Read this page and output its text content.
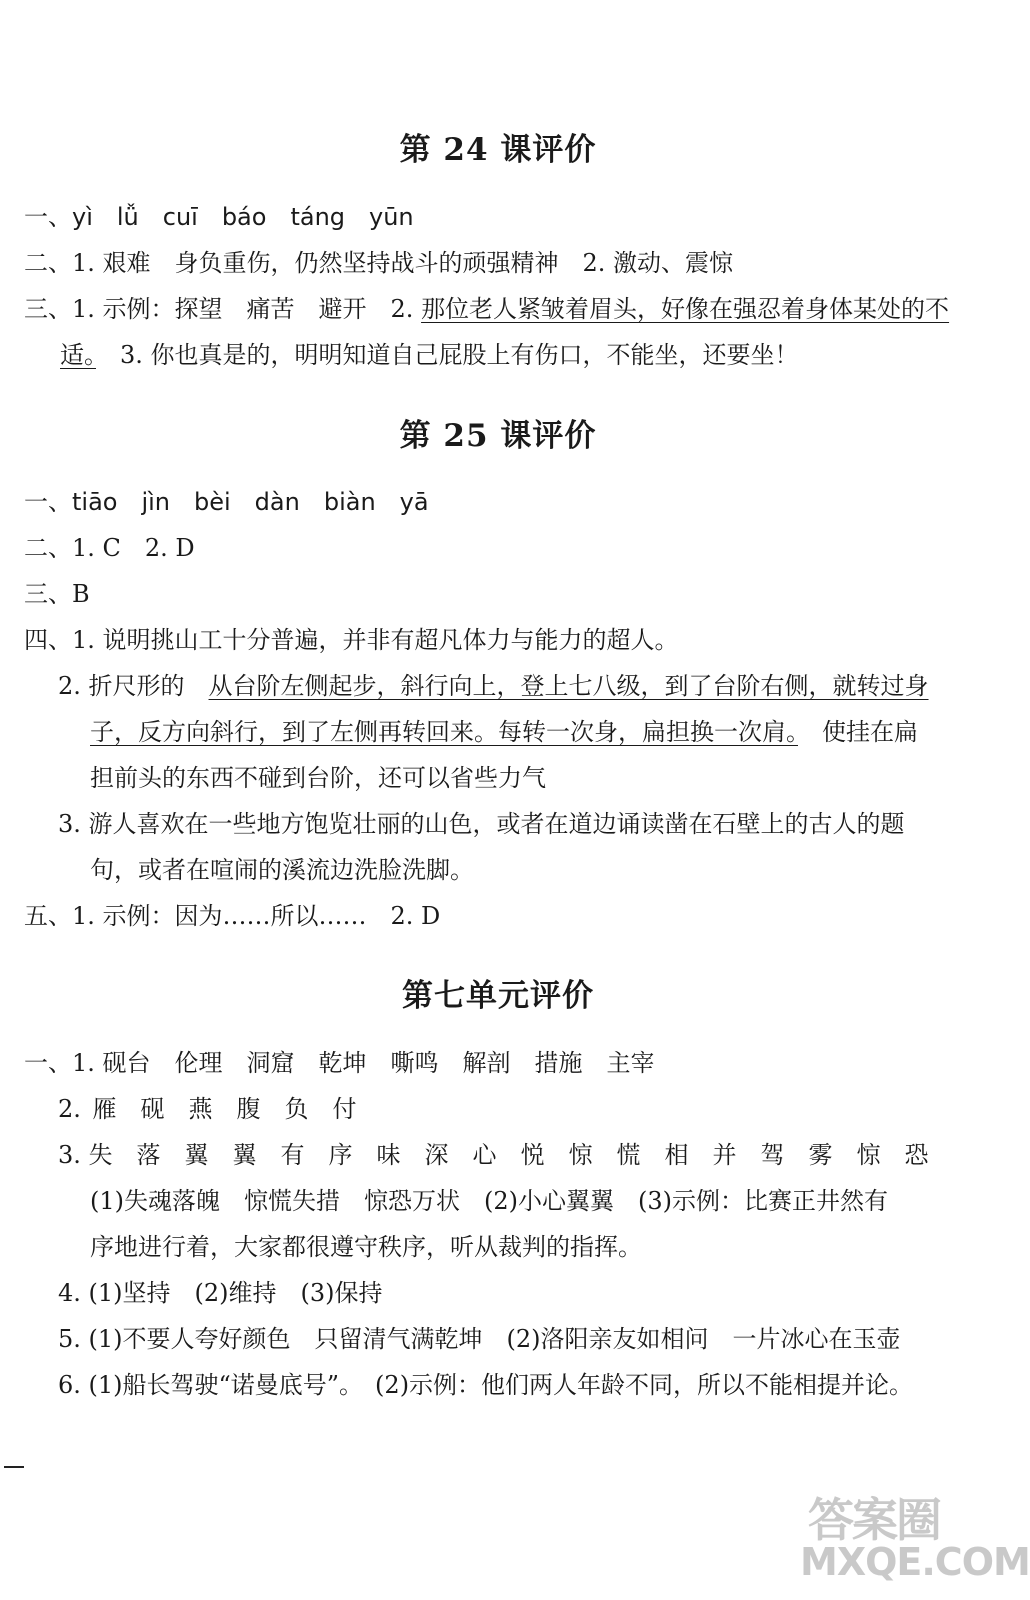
第 24 课评价
一、yì　lǚ　cuī　báo　táng　yūn
二、1. 艰难　身负重伤，仍然坚持战斗的顽强精神　2. 激动、震惊
三、1. 示例：探望　痛苦　避开　2. 那位老人紧皱着眉头，好像在强忍着身体某处的不
适。　3. 你也真是的，明明知道自己屁股上有伤口，不能坐，还要坐！
第 25 课评价
一、tiāo　jìn　bèi　dàn　biàn　yā
二、1. C　2. D
三、B
四、1. 说明挑山工十分普遍，并非有超凡体力与能力的超人。
2. 折尺形的　从台阶左侧起步，斜行向上，登上七八级，到了台阶右侧，就转过身
子，反方向斜行，到了左侧再转回来。每转一次身，扁担换一次肩。　使挂在扁
担前头的东西不碰到台阶，还可以省些力气
3. 游人喜欢在一些地方饱览壮丽的山色，或者在道边诵读凿在石壁上的古人的题
句，或者在喧闹的溪流边洗脸洗脚。
五、1. 示例：因为……所以……　2. D
第七单元评价
一、1. 砚台　伦理　洞窟　乾坤　嘶鸣　解剖　措施　主宰
2. 雁　砚　燕　腹　负　付
3. 失　落　翼　翼　有　序　味　深　心　悦　惊　慌　相　并　驾　雾　惊　恐
(1)失魂落魄　惊慌失措　惊恐万状　(2)小心翼翼　(3)示例：比赛正井然有
序地进行着，大家都很遵守秩序，听从裁判的指挥。
4. (1)坚持　(2)维持　(3)保持
5. (1)不要人夸好颜色　只留清气满乾坤　(2)洛阳亲友如相问　一片冰心在玉壶
6. (1)船长驾驶“诺曼底号”。　(2)示例：他们两人年龄不同，所以不能相提并论。
答案圈
MXQE.COM
